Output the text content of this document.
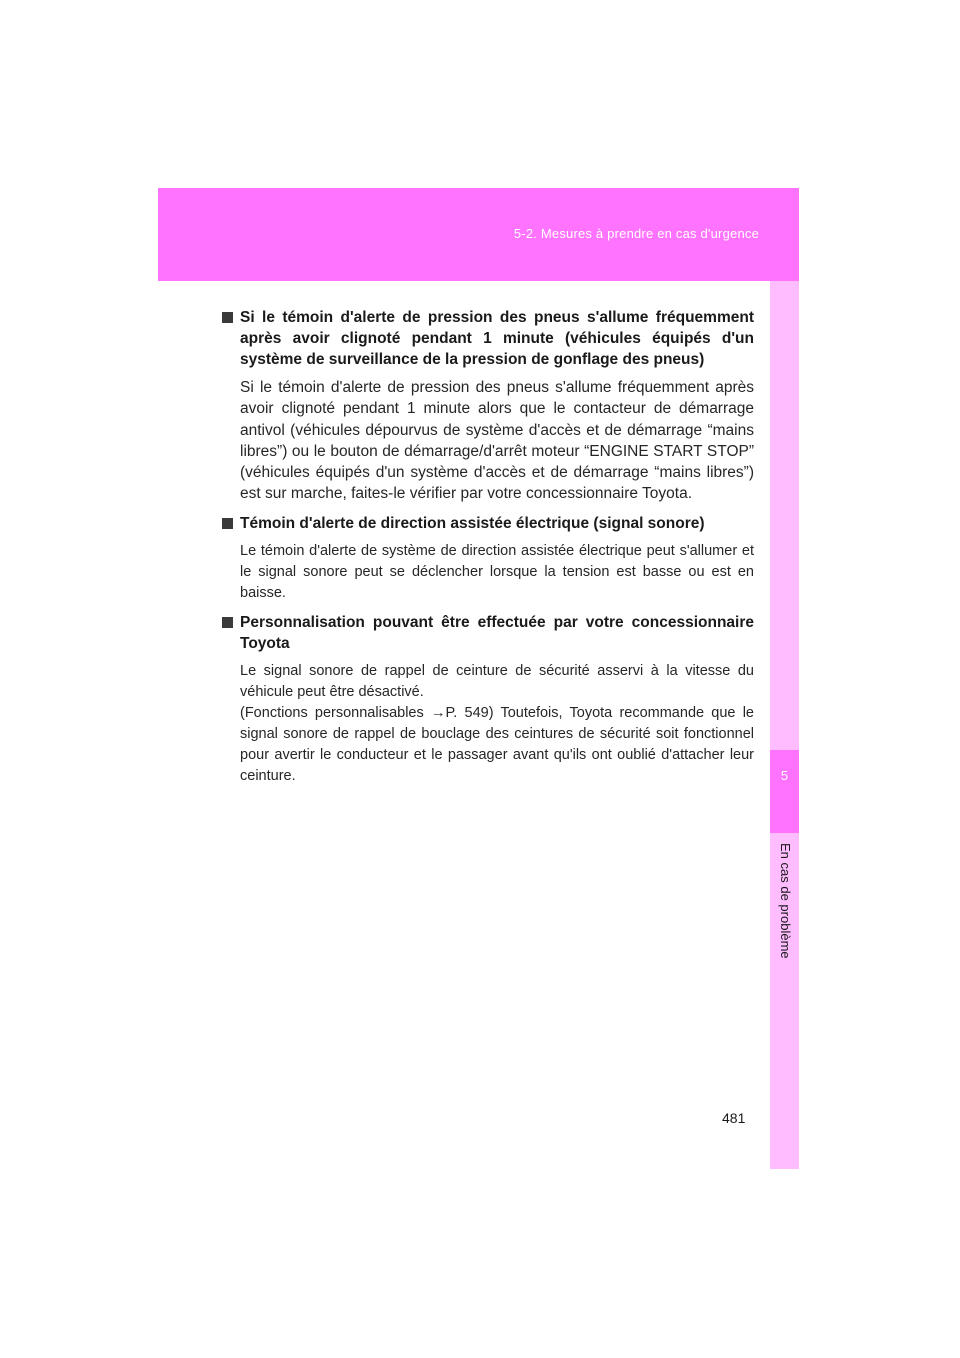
5-2. Mesures à prendre en cas d'urgence
5
En cas de problème
Si le témoin d'alerte de pression des pneus s'allume fréquemment après avoir clignoté pendant 1 minute (véhicules équipés d'un système de surveillance de la pression de gonflage des pneus)
Si le témoin d'alerte de pression des pneus s'allume fréquemment après avoir clignoté pendant 1 minute alors que le contacteur de démarrage antivol (véhicules dépourvus de système d'accès et de démarrage “mains libres”) ou le bouton de démarrage/d'arrêt moteur “ENGINE START STOP” (véhicules équipés d'un système d'accès et de démarrage “mains libres”) est sur marche, faites-le vérifier par votre concessionnaire Toyota.
Témoin d'alerte de direction assistée électrique (signal sonore)
Le témoin d'alerte de système de direction assistée électrique peut s'allumer et le signal sonore peut se déclencher lorsque la tension est basse ou est en baisse.
Personnalisation pouvant être effectuée par votre concessionnaire Toyota
Le signal sonore de rappel de ceinture de sécurité asservi à la vitesse du véhicule peut être désactivé.
(Fonctions personnalisables →P. 549) Toutefois, Toyota recommande que le signal sonore de rappel de bouclage des ceintures de sécurité soit fonctionnel pour avertir le conducteur et le passager avant qu'ils ont oublié d'attacher leur ceinture.
481
